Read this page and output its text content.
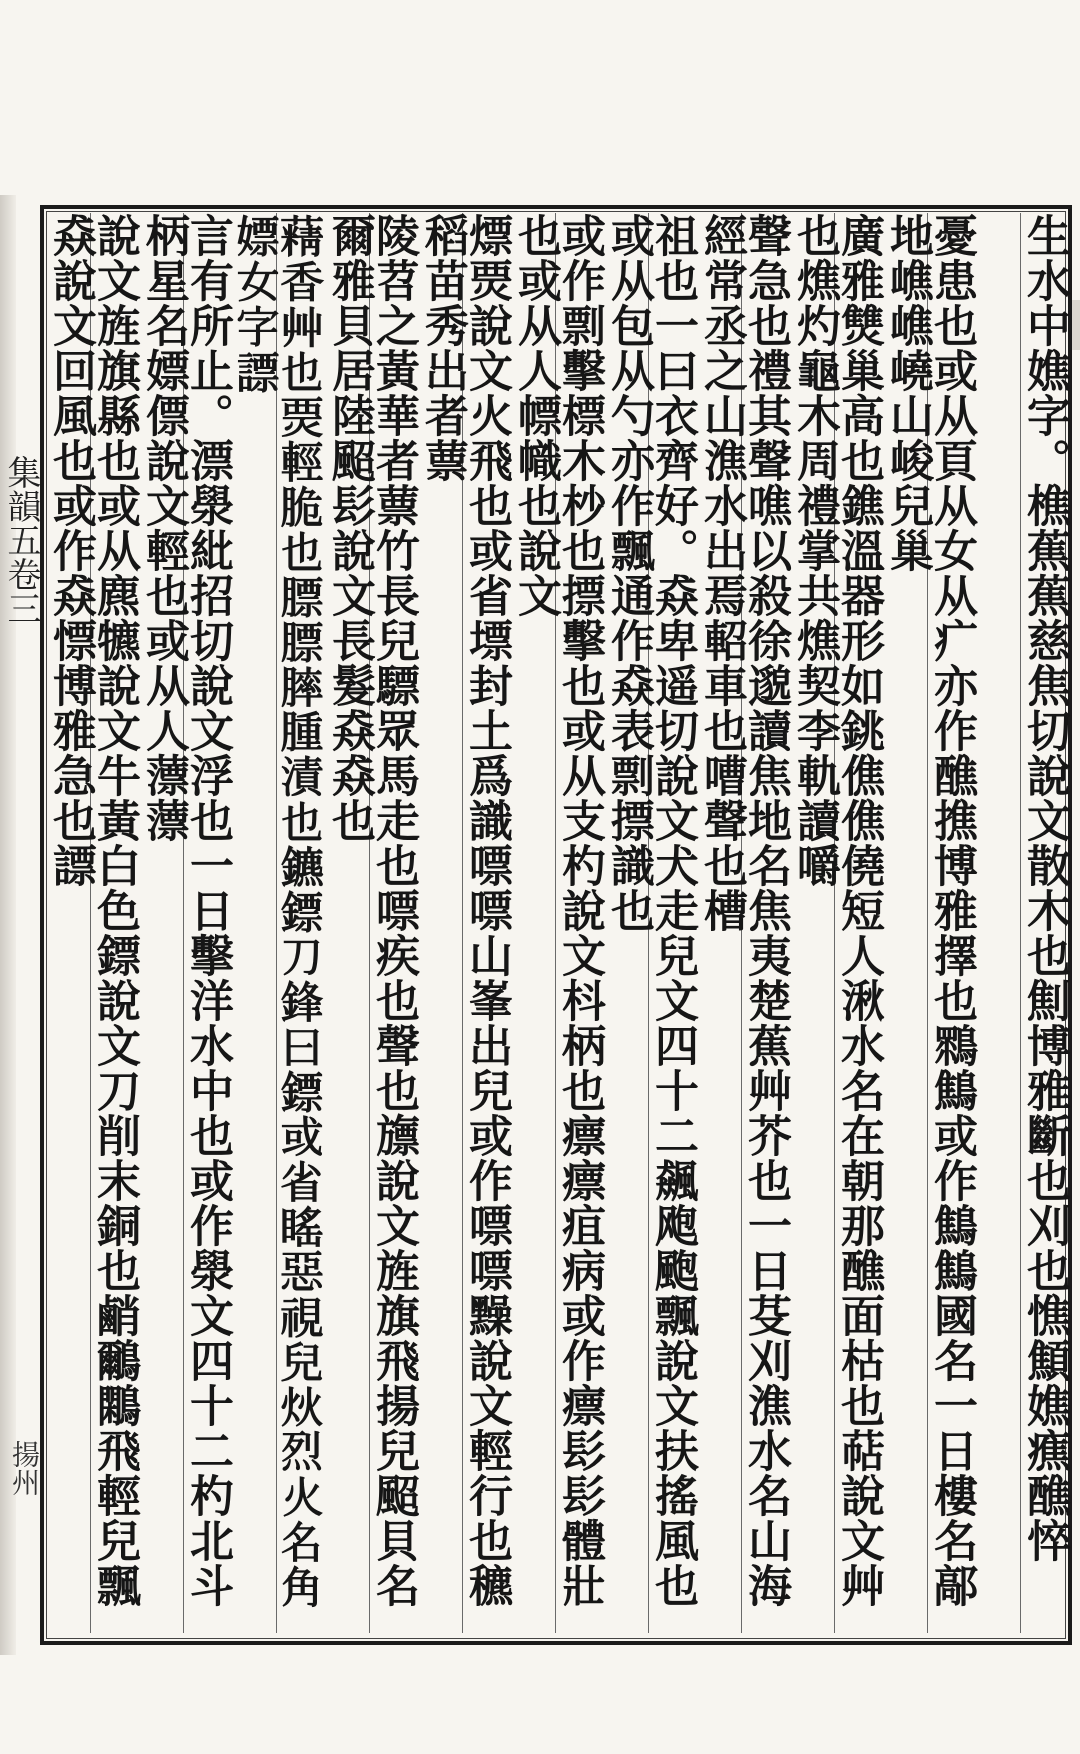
集韻五卷三
揚州	生水中嫶字。樵蕉蕉慈焦切說文散木也劁博雅斷也刈也憔顦嫶癄醮悴
憂患也或从頁从女从疒亦作醮撨博雅擇也䳴鷦或作鷦鷦國名一日樓名鄗地嶕嶕嶢山峻兒巢
廣雅㸈巢高也鐎溫器形如銚僬僬僥短人湫水名在朝那醮面枯也萜說文艸也燋灼龜木周禮掌共燋契李軌讀嚼
聲急也禮其聲噍以殺徐邈讀焦地名焦夷楚蕉艸芥也一日芟刈潐水名山海經常丞之山潐水出焉軺車也嘈聲也槽
祖也一曰衣齊好。猋卑遥切說文犬走兒文四十二飆飑颮飄說文扶搖風也或从包从勺亦作飄通作猋表剽摽識也
或作剽擊標木杪也摽擊也或从支杓說文枓柄也瘭瘭疽病或作瘭髟髟體壯也或从人幖幟也說文
熛㶾說文火飛也或省墂封土爲識嘌嘌山峯出兒或作嘌嘌䵲說文輕行也穮稻苗秀出者蔈
陵苕之黃華者蔈竹長兒驃眾馬走也嘌疾也聲也旚說文旌旗飛揚兒䫿貝名爾雅貝居陸䫿髟說文長髮猋猋也
𦾿香艸也㶾輕脆也膘膘膟腫漬也鑣鏢刀鋒曰鏢或省䁘惡視兒炏烈火名角嫖女字謤
言有所止。漂澩紕招切說文浮也一日擊洋水中也或作澩文四十二杓北斗柄星名嫖僄說文輕也或从人薸薸
說文旌旗縣也或从麃犥說文牛黃白色鏢說文刀削末銅也䴛鸍鷴飛輕兒飄猋說文回風也或作猋慓博雅急也謤
